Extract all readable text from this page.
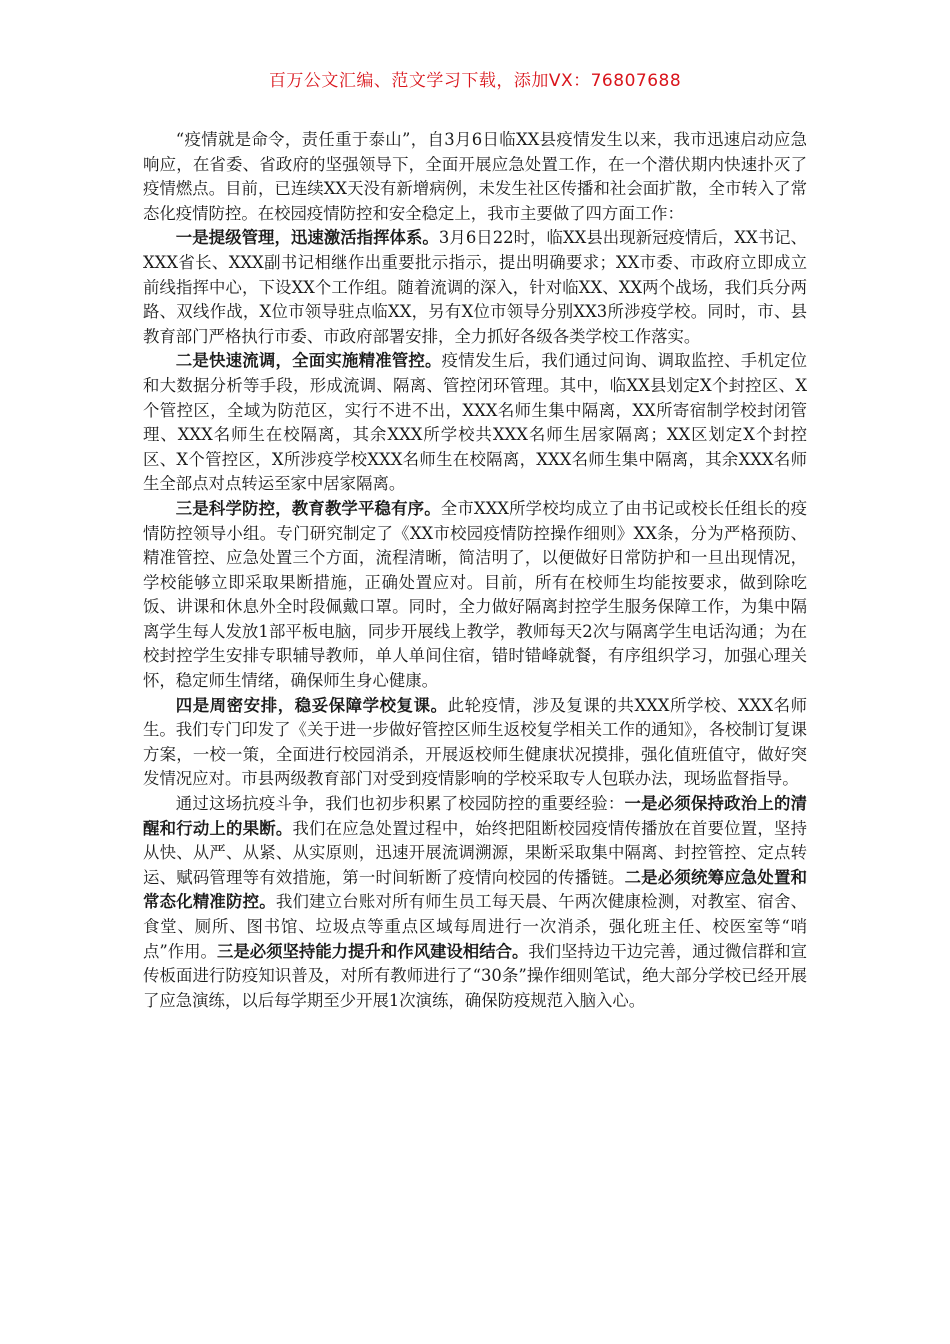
百万公文汇编、范文学习下载，添加VX：76807688

“疫情就是命令，责任重于泰山”，自3月6日临XX县疫情发生以来，我市迅速启动应急响应，在省委、省政府的坚强领导下，全面开展应急处置工作，在一个潜伏期内快速扑灭了疫情燃点。目前，已连续XX天没有新增病例，未发生社区传播和社会面扩散，全市转入了常态化疫情防控。在校园疫情防控和安全稳定上，我市主要做了四方面工作：

一是提级管理，迅速激活指挥体系。3月6日22时，临XX县出现新冠疫情后，XX书记、XXX省长、XXX副书记相继作出重要批示指示，提出明确要求；XX市委、市政府立即成立前线指挥中心，下设XX个工作组。随着流调的深入，针对临XX、XX两个战场，我们兵分两路、双线作战，X位市领导驻点临XX，另有X位市领导分别XX3所涉疫学校。同时，市、县教育部门严格执行市委、市政府部署安排，全力抓好各级各类学校工作落实。

二是快速流调，全面实施精准管控。疫情发生后，我们通过问询、调取监控、手机定位和大数据分析等手段，形成流调、隔离、管控闭环管理。其中，临XX县划定X个封控区、X个管控区，全域为防范区，实行不进不出，XXX名师生集中隔离，XX所寄宿制学校封闭管理、XXX名师生在校隔离，其余XXX所学校共XXX名师生居家隔离；XX区划定X个封控区、X个管控区，X所涉疫学校XXX名师生在校隔离，XXX名师生集中隔离，其余XXX名师生全部点对点转运至家中居家隔离。

三是科学防控，教育教学平稳有序。全市XXX所学校均成立了由书记或校长任组长的疫情防控领导小组。专门研究制定了《XX市校园疫情防控操作细则》XX条，分为严格预防、精准管控、应急处置三个方面，流程清晰，简洁明了，以便做好日常防护和一旦出现情况，学校能够立即采取果断措施，正确处置应对。目前，所有在校师生均能按要求，做到除吃饭、讲课和休息外全时段佩戴口罩。同时，全力做好隔离封控学生服务保障工作，为集中隔离学生每人发放1部平板电脑，同步开展线上教学，教师每天2次与隔离学生电话沟通；为在校封控学生安排专职辅导教师，单人单间住宿，错时错峰就餐，有序组织学习，加强心理关怀，稳定师生情绪，确保师生身心健康。

四是周密安排，稳妥保障学校复课。此轮疫情，涉及复课的共XXX所学校、XXX名师生。我们专门印发了《关于进一步做好管控区师生返校复学相关工作的通知》，各校制订复课方案，一校一策，全面进行校园消杀，开展返校师生健康状况摸排，强化值班值守，做好突发情况应对。市县两级教育部门对受到疫情影响的学校采取专人包联办法，现场监督指导。

通过这场抗疫斗争，我们也初步积累了校园防控的重要经验：一是必须保持政治上的清醒和行动上的果断。我们在应急处置过程中，始终把阻断校园疫情传播放在首要位置，坚持从快、从严、从紧、从实原则，迅速开展流调溯源，果断采取集中隔离、封控管控、定点转运、赋码管理等有效措施，第一时间斩断了疫情向校园的传播链。二是必须统筹应急处置和常态化精准防控。我们建立台账对所有师生员工每天晨、午两次健康检测，对教室、宿舍、食堂、厕所、图书馆、垃圾点等重点区域每周进行一次消杀，强化班主任、校医室等“哨点”作用。三是必须坚持能力提升和作风建设相结合。我们坚持边干边完善，通过微信群和宣传板面进行防疫知识普及，对所有教师进行了“30条”操作细则笔试，绝大部分学校已经开展了应急演练，以后每学期至少开展1次演练，确保防疫规范入脑入心。
